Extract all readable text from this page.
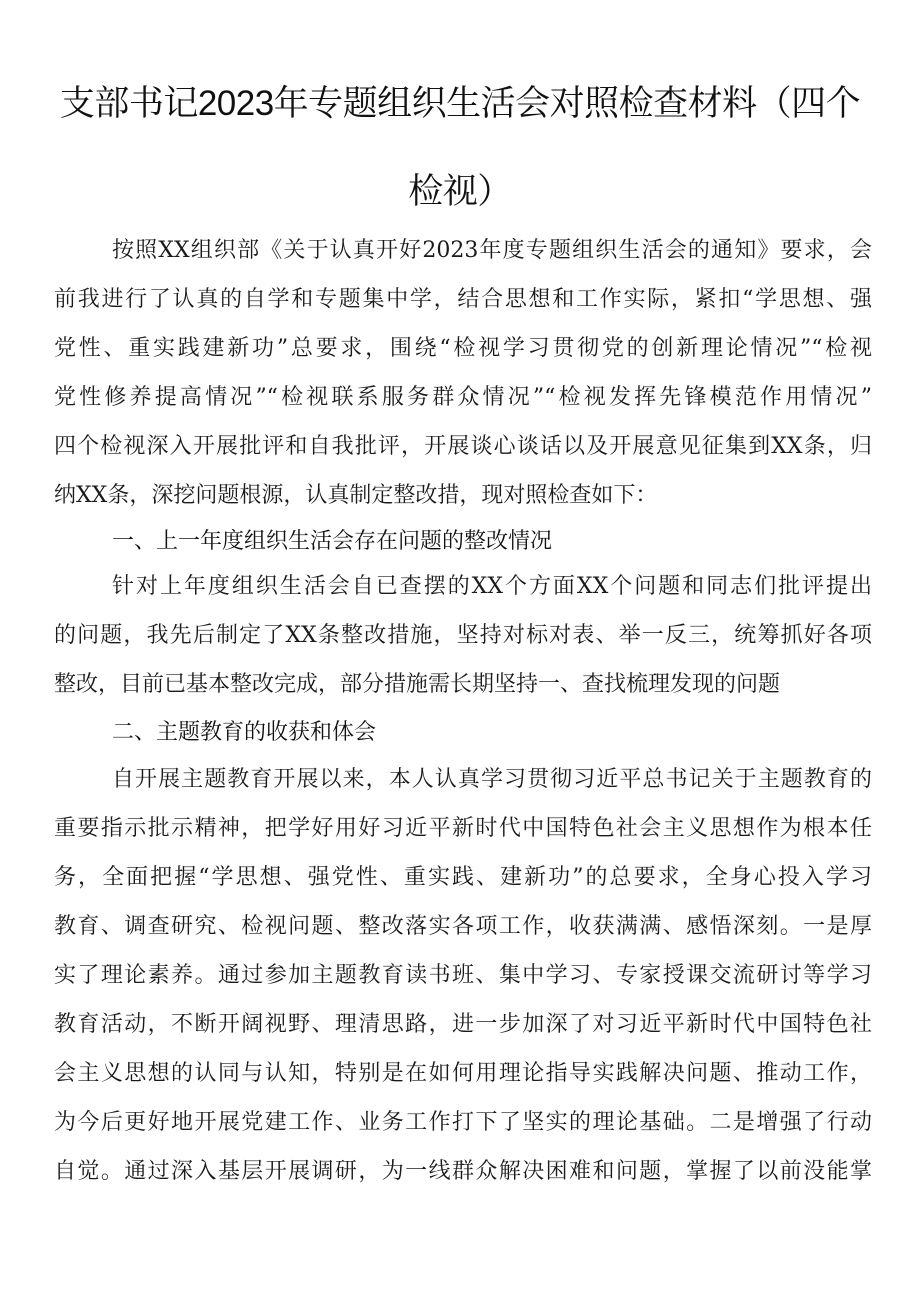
支部书记2023年专题组织生活会对照检查材料（四个
检视）
按照XX组织部《关于认真开好2023年度专题组织生活会的通知》要求，会
前我进行了认真的自学和专题集中学，结合思想和工作实际，紧扣“学思想、强
党性、重实践建新功”总要求，围绕“检视学习贯彻党的创新理论情况”“检视
党性修养提高情况”“检视联系服务群众情况”“检视发挥先锋模范作用情况”
四个检视深入开展批评和自我批评，开展谈心谈话以及开展意见征集到XX条，归
纳XX条，深挖问题根源，认真制定整改措，现对照检查如下：
一、上一年度组织生活会存在问题的整改情况
针对上年度组织生活会自已查摆的XX个方面XX个问题和同志们批评提出
的问题，我先后制定了XX条整改措施，坚持对标对表、举一反三，统筹抓好各项
整改，目前已基本整改完成，部分措施需长期坚持一、查找梳理发现的问题
二、主题教育的收获和体会
自开展主题教育开展以来，本人认真学习贯彻习近平总书记关于主题教育的
重要指示批示精神，把学好用好习近平新时代中国特色社会主义思想作为根本任
务，全面把握“学思想、强党性、重实践、建新功”的总要求，全身心投入学习
教育、调查研究、检视问题、整改落实各项工作，收获满满、感悟深刻。一是厚
实了理论素养。通过参加主题教育读书班、集中学习、专家授课交流研讨等学习
教育活动，不断开阔视野、理清思路，进一步加深了对习近平新时代中国特色社
会主义思想的认同与认知，特别是在如何用理论指导实践解决问题、推动工作，
为今后更好地开展党建工作、业务工作打下了坚实的理论基础。二是增强了行动
自觉。通过深入基层开展调研，为一线群众解决困难和问题，掌握了以前没能掌
